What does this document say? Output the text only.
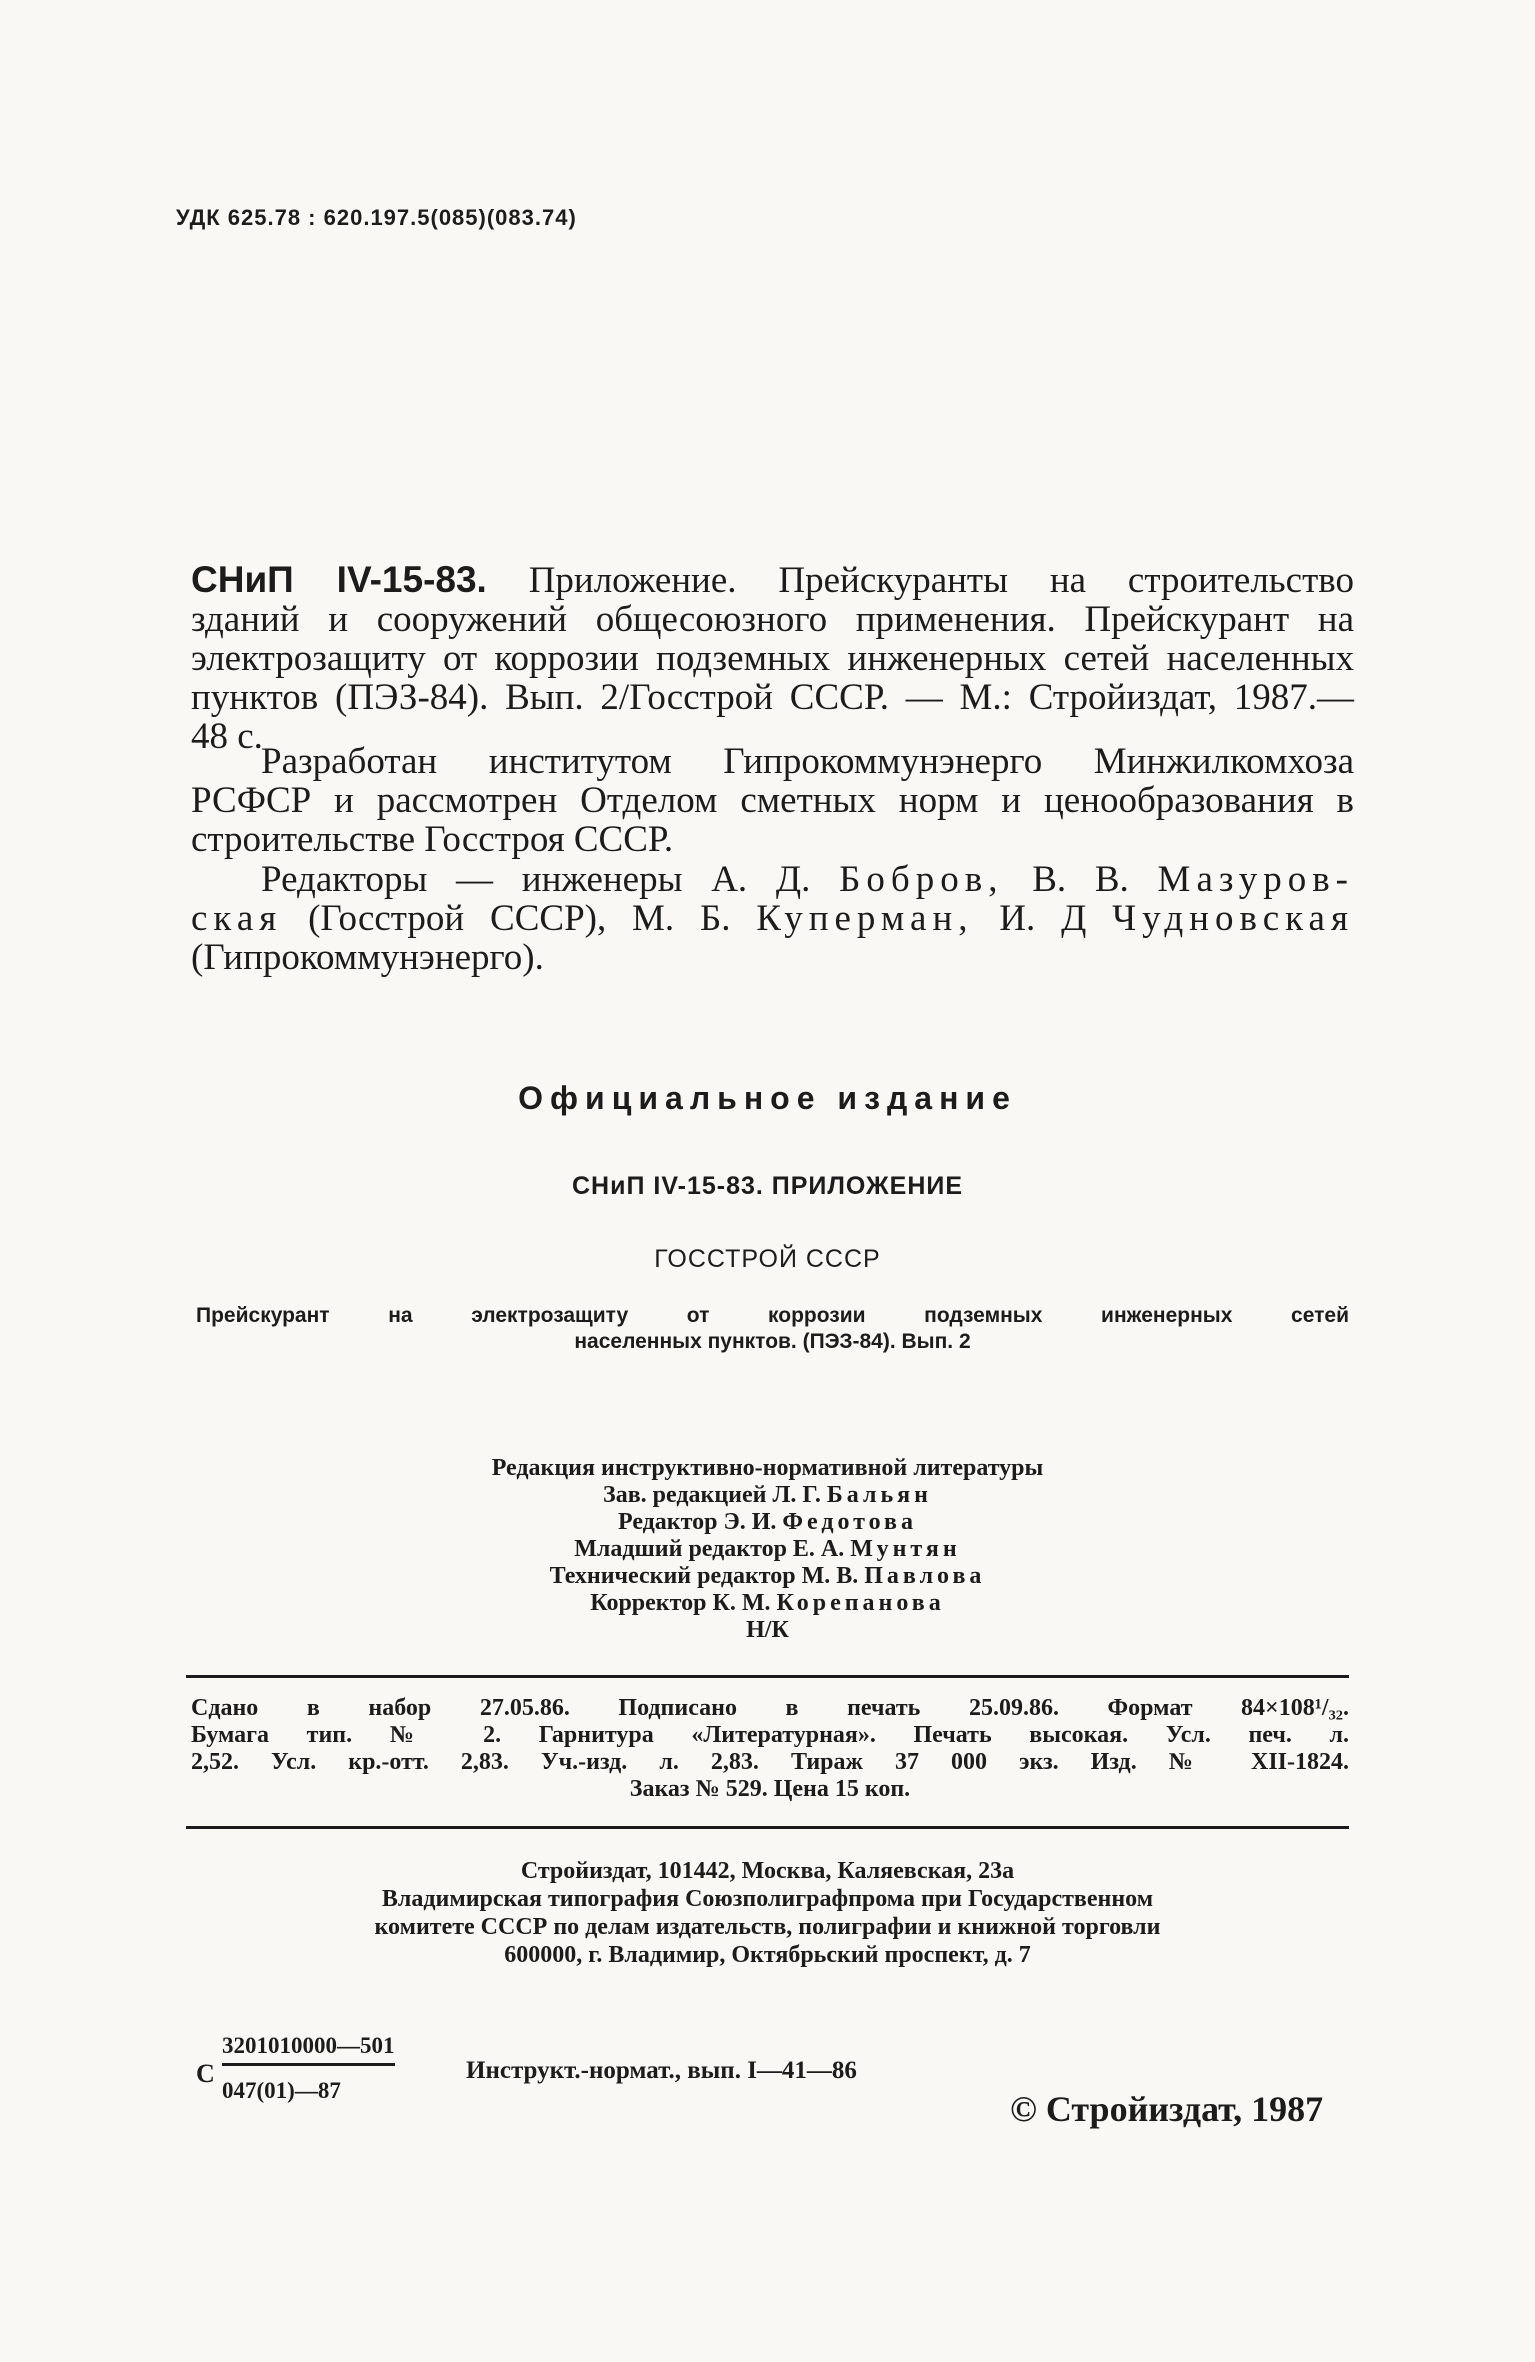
УДК 625.78 : 620.197.5(085)(083.74)
СНиП IV-15-83. Приложение. Прейскуранты на строительство
зданий и сооружений общесоюзного применения. Прейскурант на
электрозащиту от коррозии подземных инженерных сетей населенных
пунктов (ПЭЗ-84). Вып. 2/Госстрой СССР. — М.: Стройиздат, 1987.—
48 с.
Разработан институтом Гипрокоммунэнерго Минжилкомхоза
РСФСР и рассмотрен Отделом сметных норм и ценообразования в
строительстве Госстроя СССР.
Редакторы — инженеры А. Д. Бобров, В. В. Мазуров-
ская (Госстрой СССР), М. Б. Куперман, И. Д Чудновская
(Гипрокоммунэнерго).
Официальное издание
СНиП IV-15-83. ПРИЛОЖЕНИЕ
ГОССТРОЙ СССР
Прейскурант на электрозащиту от коррозии подземных инженерных сетей
населенных пунктов. (ПЭЗ-84). Вып. 2
Редакция инструктивно-нормативной литературы
Зав. редакцией Л. Г. Бальян
Редактор Э. И. Федотова
Младший редактор Е. А. Мунтян
Технический редактор М. В. Павлова
Корректор К. М. Корепанова
Н/К
Сдано в набор 27.05.86. Подписано в печать 25.09.86. Формат 84×108¹/₃₂.
Бумага тип. № 2. Гарнитура «Литературная». Печать высокая. Усл. печ. л.
2,52. Усл. кр.-отт. 2,83. Уч.-изд. л. 2,83. Тираж 37 000 экз. Изд. № XII-1824.
Заказ № 529. Цена 15 коп.
Стройиздат, 101442, Москва, Каляевская, 23а
Владимирская типография Союзполиграфпрома при Государственном
комитете СССР по делам издательств, полиграфии и книжной торговли
600000, г. Владимир, Октябрьский проспект, д. 7
С
3201010000—501
047(01)—87
Инструкт.-нормат., вып. I—41—86
© Стройиздат, 1987
